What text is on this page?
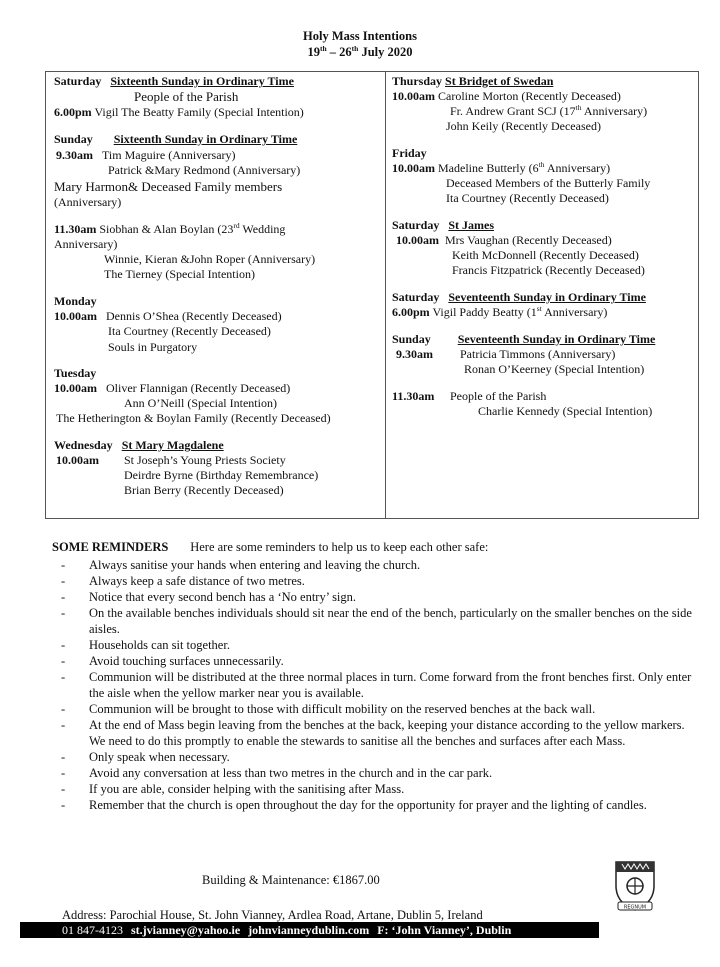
Holy Mass Intentions
19th – 26th July 2020
Saturday Sixteenth Sunday in Ordinary Time
People of the Parish
6.00pm Vigil The Beatty Family (Special Intention)
Sunday Sixteenth Sunday in Ordinary Time
9.30am Tim Maguire (Anniversary)
Patrick &Mary Redmond (Anniversary)
Mary Harmon& Deceased Family members
(Anniversary)
11.30am Siobhan & Alan Boylan (23rd Wedding
Anniversary)
Winnie, Kieran &John Roper (Anniversary)
The Tierney (Special Intention)
Monday
10.00am Dennis O’Shea (Recently Deceased)
Ita Courtney (Recently Deceased)
Souls in Purgatory
Tuesday
10.00am Oliver Flannigan (Recently Deceased)
Ann O’Neill (Special Intention)
The Hetherington & Boylan Family (Recently Deceased)
Wednesday St Mary Magdalene
10.00am St Joseph’s Young Priests Society
Deirdre Byrne (Birthday Remembrance)
Brian Berry (Recently Deceased)
Thursday St Bridget of Swedan
10.00am Caroline Morton (Recently Deceased)
Fr. Andrew Grant SCJ (17th Anniversary)
John Keily (Recently Deceased)
Friday
10.00am Madeline Butterly (6th Anniversary)
Deceased Members of the Butterly Family
Ita Courtney (Recently Deceased)
Saturday St James
10.00am Mrs Vaughan (Recently Deceased)
Keith McDonnell (Recently Deceased)
Francis Fitzpatrick (Recently Deceased)
Saturday Seventeenth Sunday in Ordinary Time
6.00pm Vigil Paddy Beatty (1st Anniversary)
Sunday Seventeenth Sunday in Ordinary Time
9.30am Patricia Timmons (Anniversary)
Ronan O’Keerney (Special Intention)
11.30am People of the Parish
Charlie Kennedy (Special Intention)
SOME REMINDERS Here are some reminders to help us to keep each other safe:
- Always sanitise your hands when entering and leaving the church.
- Always keep a safe distance of two metres.
- Notice that every second bench has a ‘No entry’ sign.
- On the available benches individuals should sit near the end of the bench, particularly on the smaller benches on the side aisles.
- Households can sit together.
- Avoid touching surfaces unnecessarily.
- Communion will be distributed at the three normal places in turn. Come forward from the front benches first. Only enter the aisle when the yellow marker near you is available.
- Communion will be brought to those with difficult mobility on the reserved benches at the back wall.
- At the end of Mass begin leaving from the benches at the back, keeping your distance according to the yellow markers. We need to do this promptly to enable the stewards to sanitise all the benches and surfaces after each Mass.
- Only speak when necessary.
- Avoid any conversation at less than two metres in the church and in the car park.
- If you are able, consider helping with the sanitising after Mass.
- Remember that the church is open throughout the day for the opportunity for prayer and the lighting of candles.
Building & Maintenance: €1867.00
REGNUM
Address: Parochial House, St. John Vianney, Ardlea Road, Artane, Dublin 5, Ireland
01 847-4123 st.jvianney@yahoo.ie johnvianneydublin.com F: ‘John Vianney’, Dublin
